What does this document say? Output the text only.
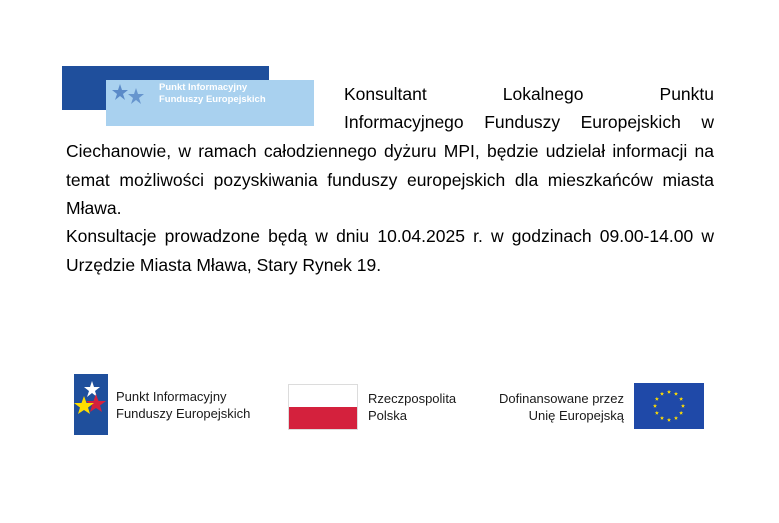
Punkt Informacyjny
Funduszy Europejskich	Konsultant Lokalnego Punktu

Informacyjnego Funduszy Europejskich w

Ciechanowie, w ramach całodziennego dyżuru MPI, będzie udzielał informacji na temat możliwości pozyskiwania funduszy europejskich dla mieszkańców miasta Mława.

Konsultacje prowadzone będą w dniu 10.04.2025 r. w godzinach 09.00-14.00 w Urzędzie Miasta Mława, Stary Rynek 19.

Punkt Informacyjny
Funduszy Europejskich
Rzeczpospolita
Polska
Dofinansowane przez
Unię Europejską
